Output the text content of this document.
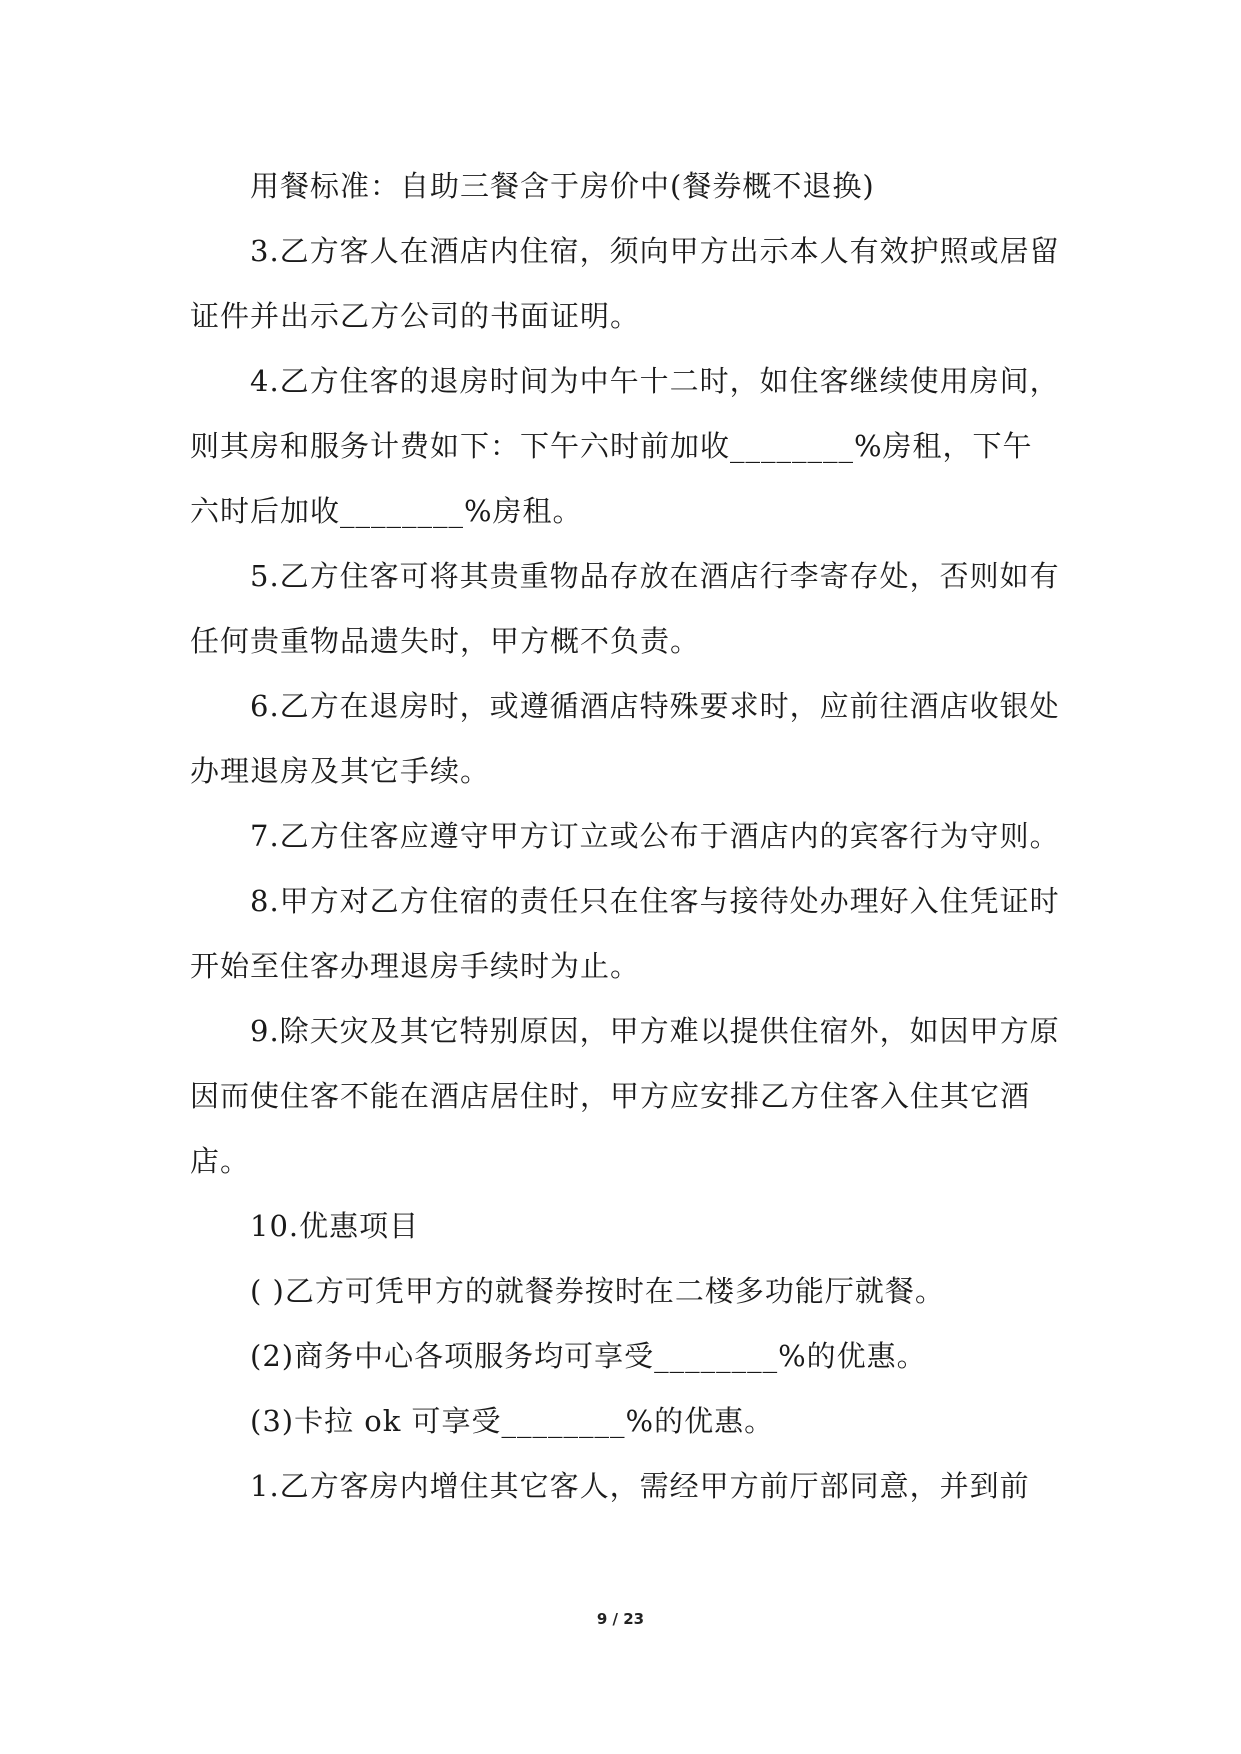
用餐标准：自助三餐含于房价中(餐券概不退换)

3.乙方客人在酒店内住宿，须向甲方出示本人有效护照或居留证件并出示乙方公司的书面证明。

4.乙方住客的退房时间为中午十二时，如住客继续使用房间，则其房和服务计费如下：下午六时前加收________%房租，下午六时后加收________%房租。

5.乙方住客可将其贵重物品存放在酒店行李寄存处，否则如有任何贵重物品遗失时，甲方概不负责。

6.乙方在退房时，或遵循酒店特殊要求时，应前往酒店收银处办理退房及其它手续。

7.乙方住客应遵守甲方订立或公布于酒店内的宾客行为守则。

8.甲方对乙方住宿的责任只在住客与接待处办理好入住凭证时开始至住客办理退房手续时为止。

9.除天灾及其它特别原因，甲方难以提供住宿外，如因甲方原因而使住客不能在酒店居住时，甲方应安排乙方住客入住其它酒店。

10.优惠项目

( )乙方可凭甲方的就餐券按时在二楼多功能厅就餐。

(2)商务中心各项服务均可享受________%的优惠。

(3)卡拉 ok 可享受________%的优惠。

1.乙方客房内增住其它客人，需经甲方前厅部同意，并到前

9 / 23
